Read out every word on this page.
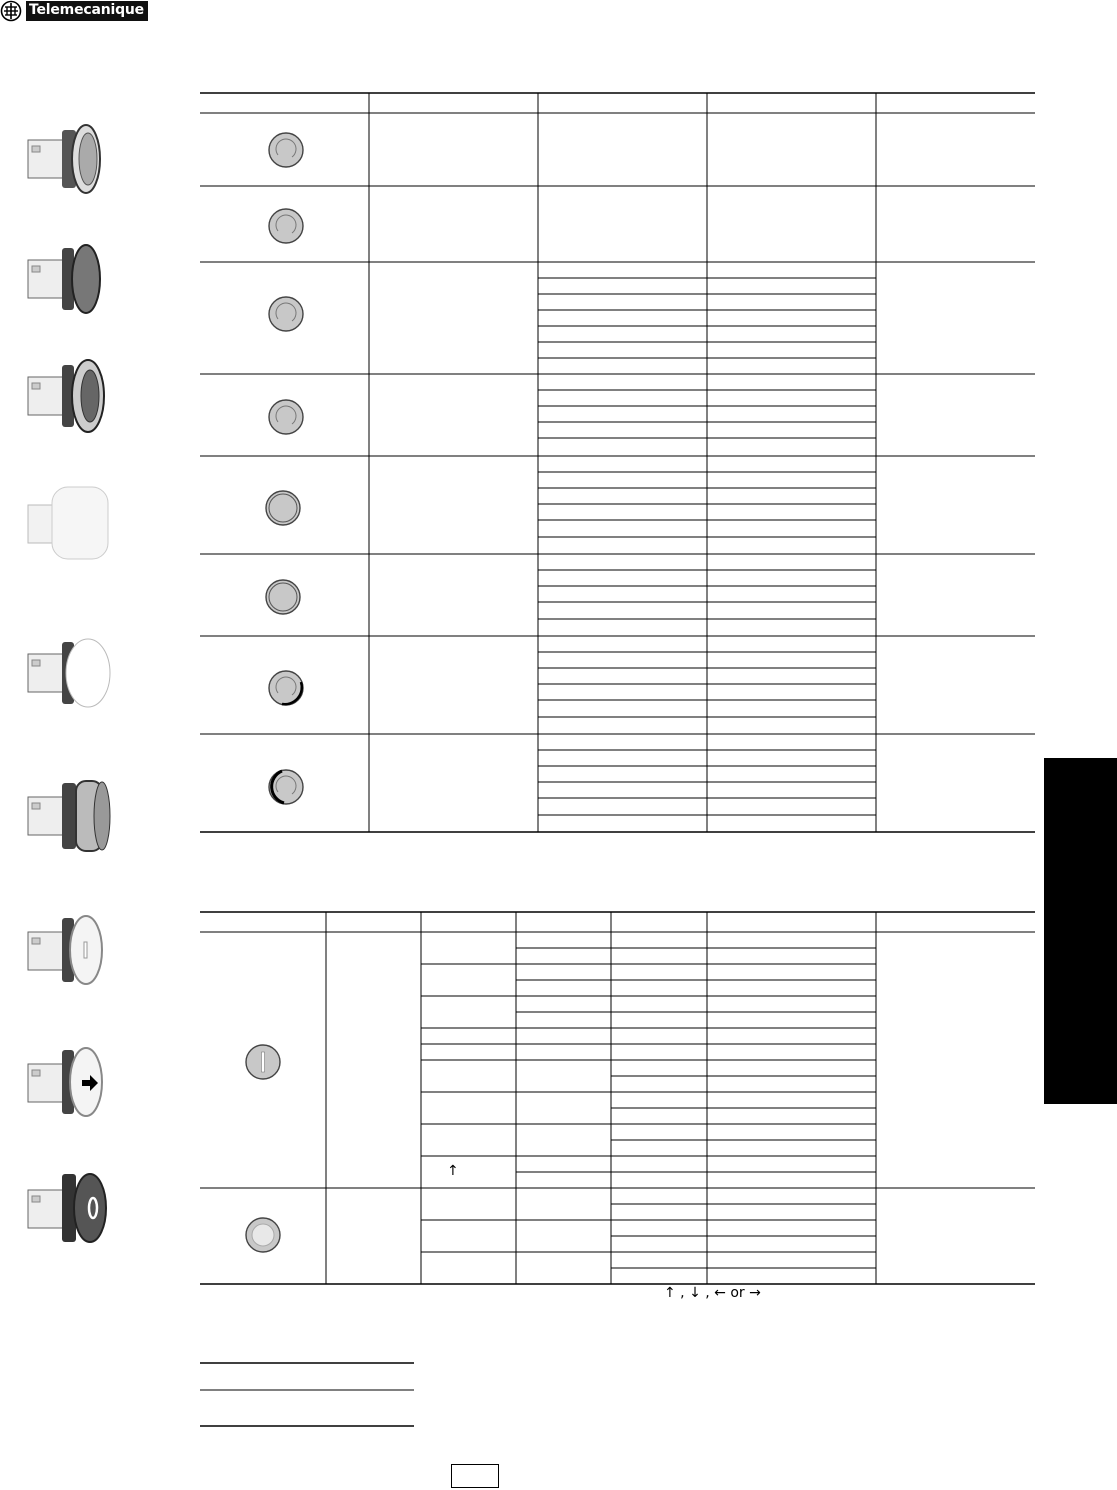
Telemecanique
↑
↑ , ↓ , ← or →
